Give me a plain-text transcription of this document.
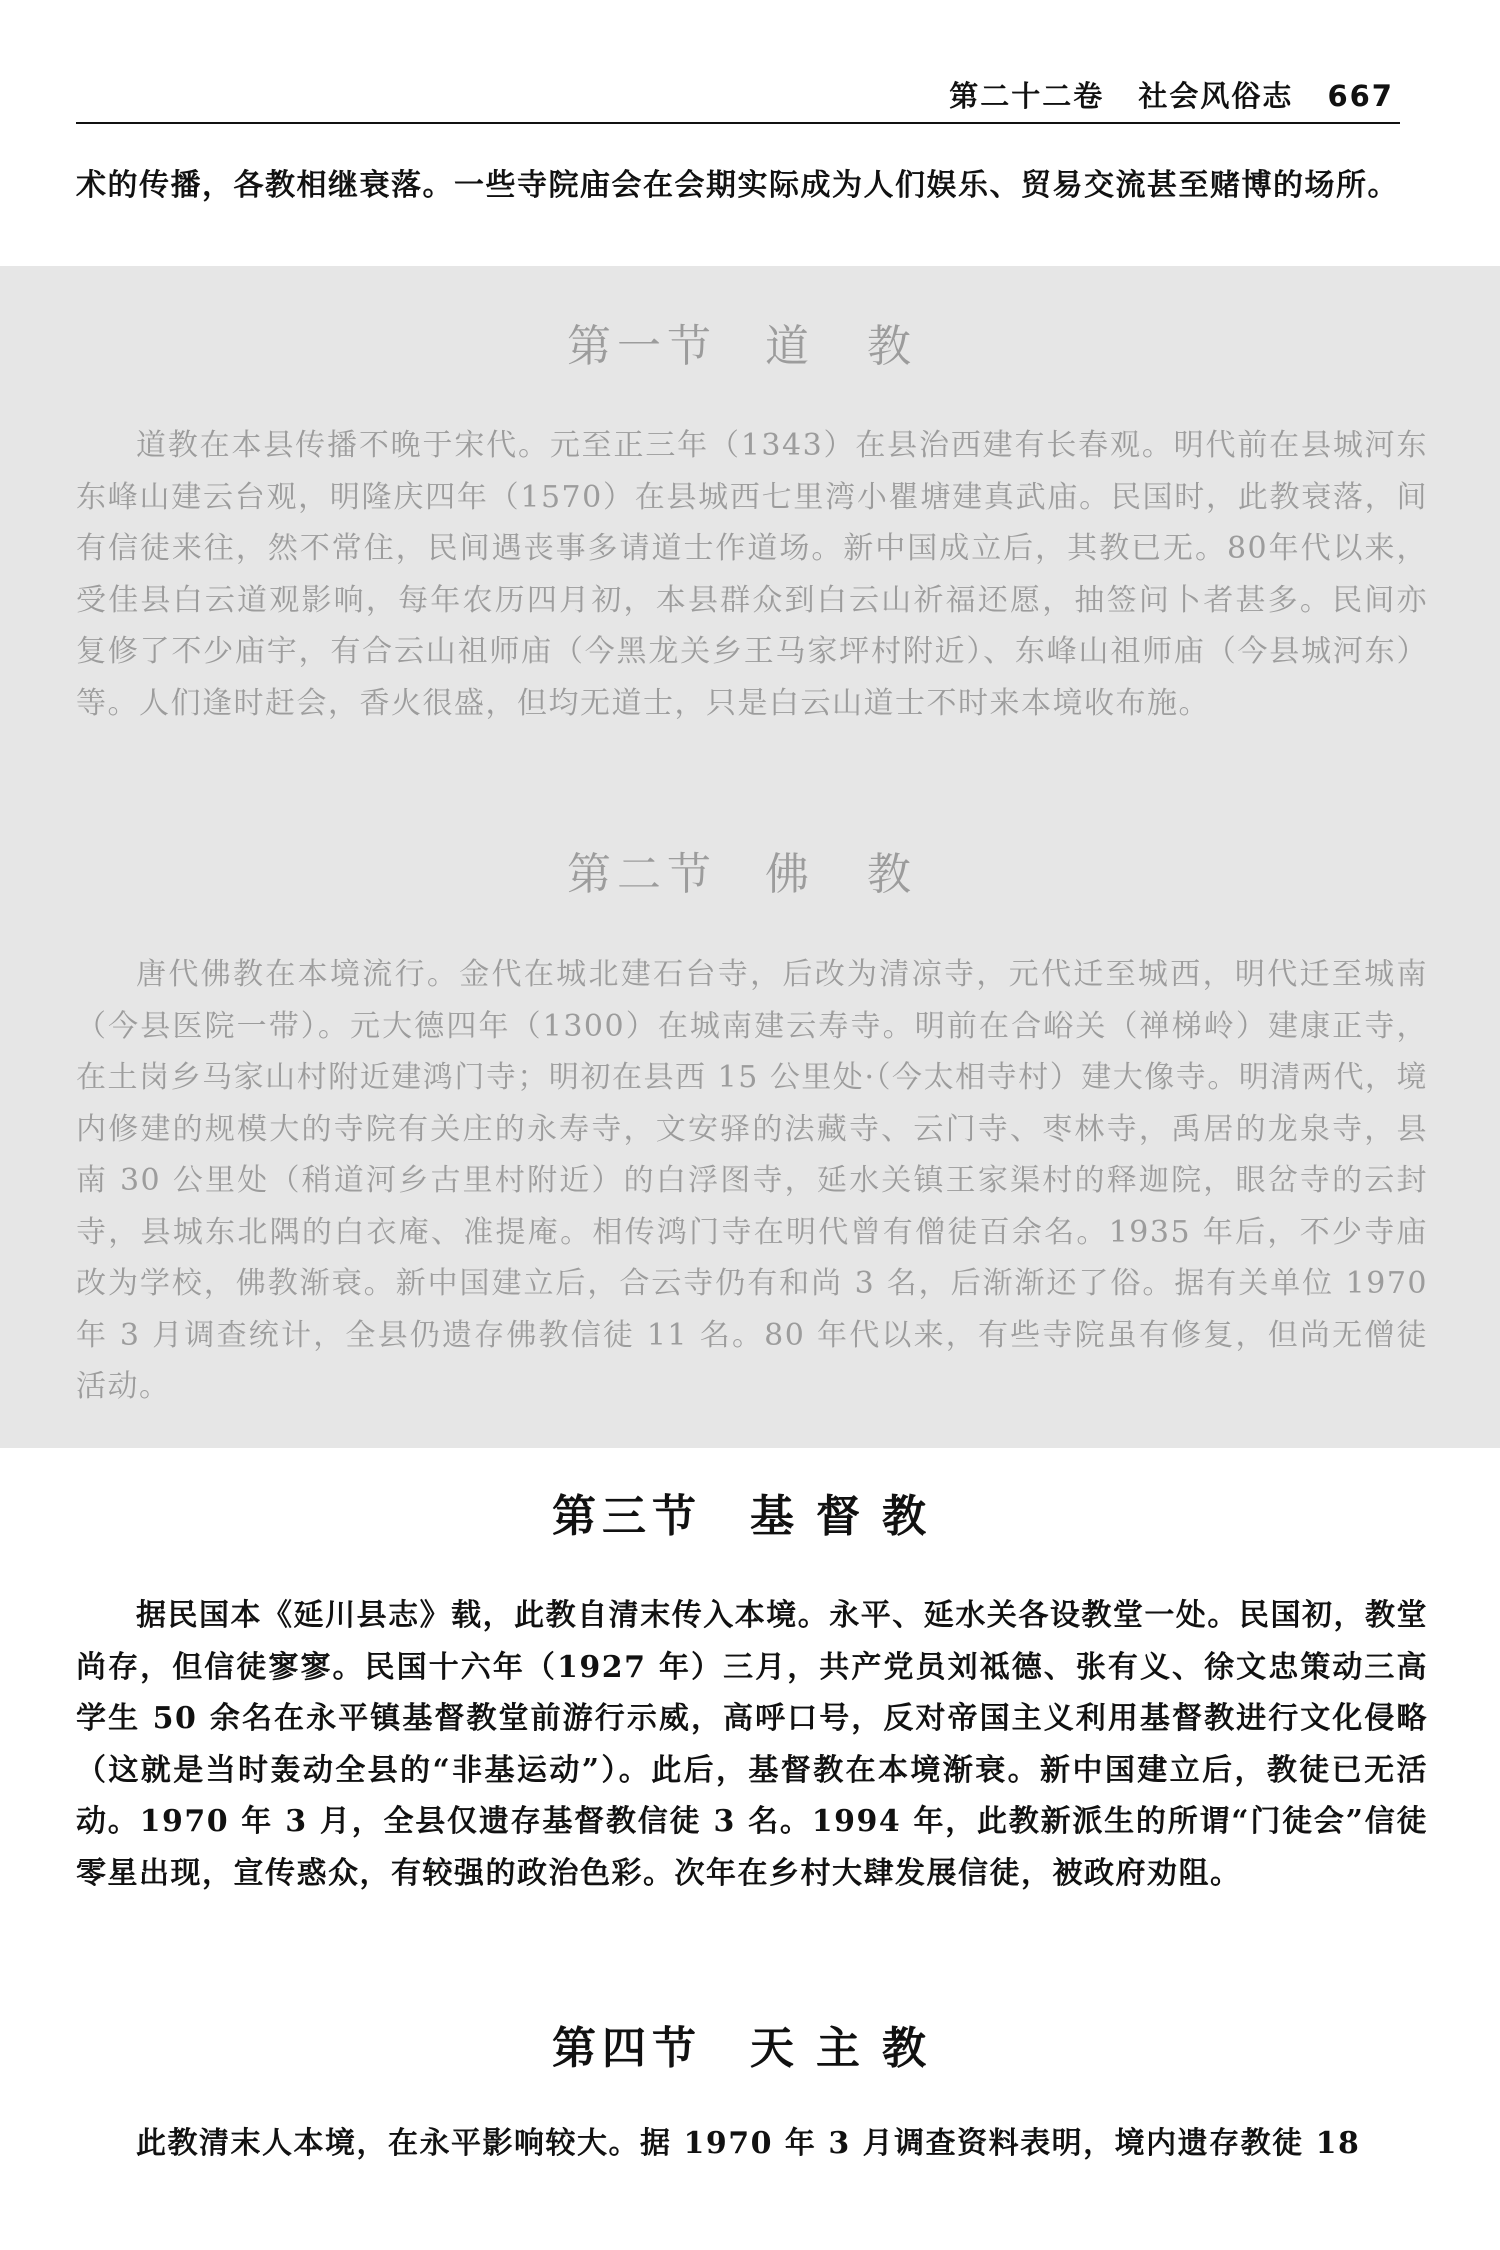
第二十二卷 社会风俗志 667
术的传播，各教相继衰落。一些寺院庙会在会期实际成为人们娱乐、贸易交流甚至赌博的场所。
第一节 道 教
道教在本县传播不晚于宋代。元至正三年（1343）在县治西建有长春观。明代前在县城河东东峰山建云台观，明隆庆四年（1570）在县城西七里湾小瞿塘建真武庙。民国时，此教衰落，间有信徒来往，然不常住，民间遇丧事多请道士作道场。新中国成立后，其教已无。80年代以来，受佳县白云道观影响，每年农历四月初，本县群众到白云山祈福还愿，抽签问卜者甚多。民间亦复修了不少庙宇，有合云山祖师庙（今黑龙关乡王马家坪村附近）、东峰山祖师庙（今县城河东）等。人们逢时赶会，香火很盛，但均无道士，只是白云山道士不时来本境收布施。
第二节 佛 教
唐代佛教在本境流行。金代在城北建石台寺，后改为清凉寺，元代迁至城西，明代迁至城南（今县医院一带）。元大德四年（1300）在城南建云寿寺。明前在合峪关（禅梯岭）建康正寺，在土岗乡马家山村附近建鸿门寺；明初在县西 15 公里处·（今太相寺村）建大像寺。明清两代，境内修建的规模大的寺院有关庄的永寿寺，文安驿的法藏寺、云门寺、枣林寺，禹居的龙泉寺，县南 30 公里处（稍道河乡古里村附近）的白浮图寺，延水关镇王家渠村的释迦院，眼岔寺的云封寺，县城东北隅的白衣庵、准提庵。相传鸿门寺在明代曾有僧徒百余名。1935 年后，不少寺庙改为学校，佛教渐衰。新中国建立后，合云寺仍有和尚 3 名，后渐渐还了俗。据有关单位 1970 年 3 月调查统计，全县仍遗存佛教信徒 11 名。80 年代以来，有些寺院虽有修复，但尚无僧徒活动。
第三节 基督教
据民国本《延川县志》载，此教自清末传入本境。永平、延水关各设教堂一处。民国初，教堂尚存，但信徒寥寥。民国十六年（1927 年）三月，共产党员刘祗德、张有义、徐文忠策动三高学生 50 余名在永平镇基督教堂前游行示威，高呼口号，反对帝国主义利用基督教进行文化侵略（这就是当时轰动全县的“非基运动”）。此后，基督教在本境渐衰。新中国建立后，教徒已无活动。1970 年 3 月，全县仅遗存基督教信徒 3 名。1994 年，此教新派生的所谓“门徒会”信徒零星出现，宣传惑众，有较强的政治色彩。次年在乡村大肆发展信徒，被政府劝阻。
第四节 天主教
此教清末人本境，在永平影响较大。据 1970 年 3 月调查资料表明，境内遗存教徒 18
